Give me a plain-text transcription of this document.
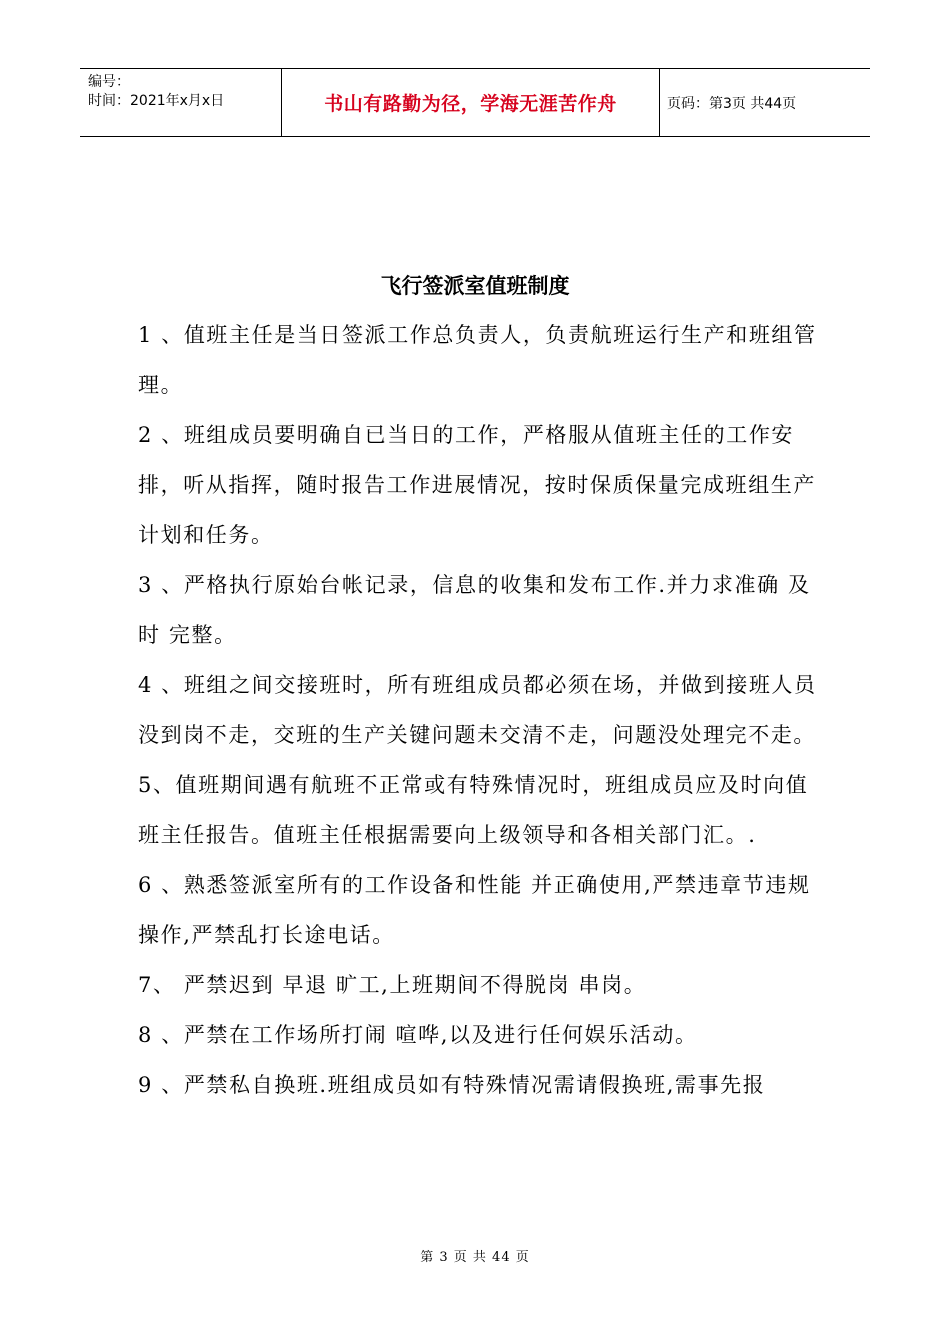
编号：
时间：2021年x月x日	书山有路勤为径，学海无涯苦作舟	页码：第3页 共44页
飞行签派室值班制度

1 、值班主任是当日签派工作总负责人，负责航班运行生产和班组管理。

2 、班组成员要明确自已当日的工作，严格服从值班主任的工作安排，听从指挥，随时报告工作进展情况，按时保质保量完成班组生产计划和任务。

3 、严格执行原始台帐记录，信息的收集和发布工作.并力求准确 及时 完整。

4 、班组之间交接班时，所有班组成员都必须在场，并做到接班人员没到岗不走，交班的生产关键问题未交清不走，问题没处理完不走。

5、值班期间遇有航班不正常或有特殊情况时，班组成员应及时向值班主任报告。值班主任根据需要向上级领导和各相关部门汇。.

6 、熟悉签派室所有的工作设备和性能 并正确使用,严禁违章节违规操作,严禁乱打长途电话。

7、 严禁迟到 早退 旷工,上班期间不得脱岗 串岗。

8 、严禁在工作场所打闹 喧哗,以及进行任何娱乐活动。

9 、严禁私自换班.班组成员如有特殊情况需请假换班,需事先报

第 3 页 共 44 页
